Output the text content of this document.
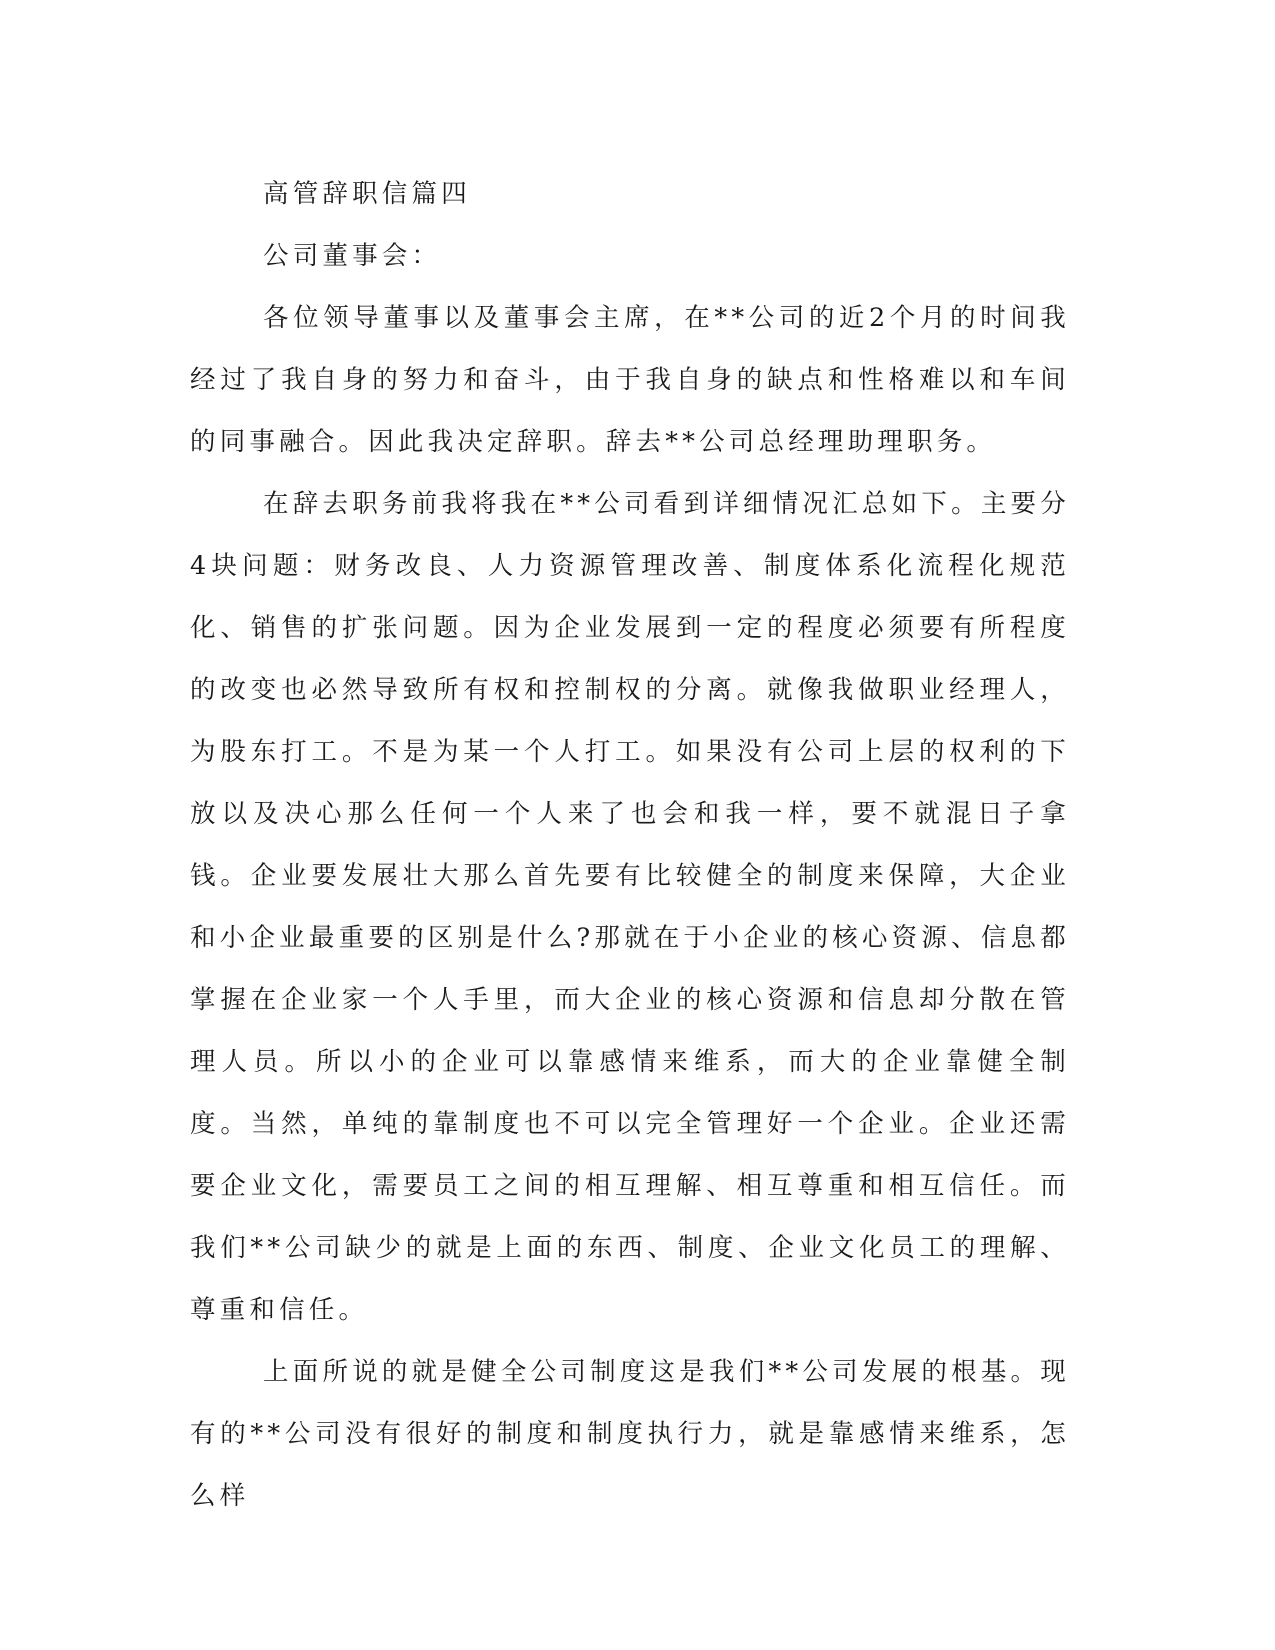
高管辞职信篇四

公司董事会：

各位领导董事以及董事会主席，在**公司的近2个月的时间我经过了我自身的努力和奋斗，由于我自身的缺点和性格难以和车间的同事融合。因此我决定辞职。辞去**公司总经理助理职务。

在辞去职务前我将我在**公司看到详细情况汇总如下。主要分4块问题：财务改良、人力资源管理改善、制度体系化流程化规范化、销售的扩张问题。因为企业发展到一定的程度必须要有所程度的改变也必然导致所有权和控制权的分离。就像我做职业经理人，为股东打工。不是为某一个人打工。如果没有公司上层的权利的下放以及决心那么任何一个人来了也会和我一样，要不就混日子拿钱。企业要发展壮大那么首先要有比较健全的制度来保障，大企业和小企业最重要的区别是什么?那就在于小企业的核心资源、信息都掌握在企业家一个人手里，而大企业的核心资源和信息却分散在管理人员。所以小的企业可以靠感情来维系，而大的企业靠健全制度。当然，单纯的靠制度也不可以完全管理好一个企业。企业还需要企业文化，需要员工之间的相互理解、相互尊重和相互信任。而我们**公司缺少的就是上面的东西、制度、企业文化员工的理解、尊重和信任。

上面所说的就是健全公司制度这是我们**公司发展的根基。现有的**公司没有很好的制度和制度执行力，就是靠感情来维系，怎么样
